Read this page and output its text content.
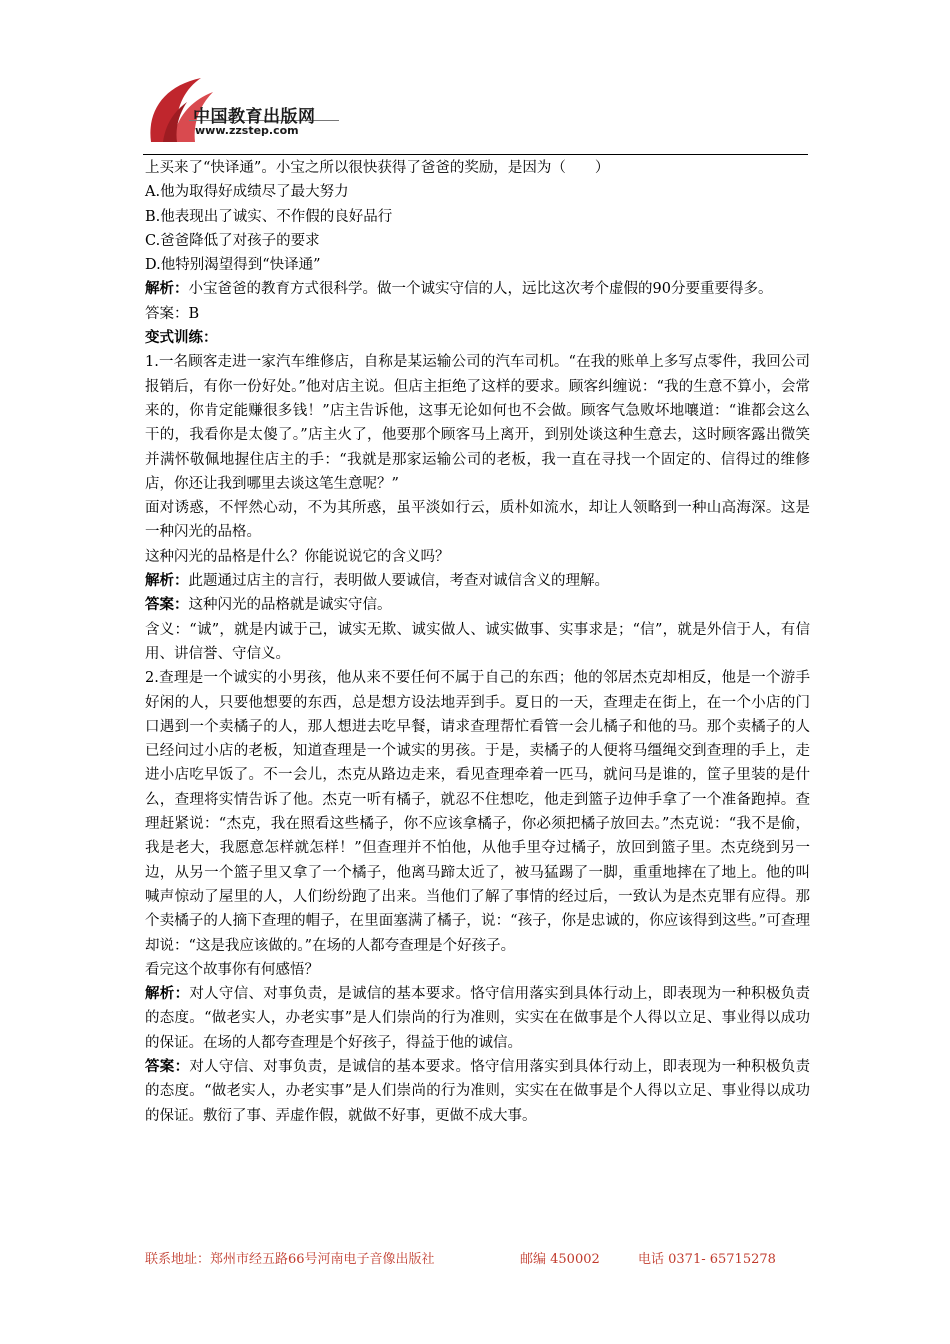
中国教育出版网
www.zzstep.com

上买来了“快译通”。小宝之所以很快获得了爸爸的奖励，是因为（　　）

A.他为取得好成绩尽了最大努力

B.他表现出了诚实、不作假的良好品行

C.爸爸降低了对孩子的要求

D.他特别渴望得到“快译通”

解析：小宝爸爸的教育方式很科学。做一个诚实守信的人，远比这次考个虚假的90分要重要得多。

答案：B

变式训练：

1.一名顾客走进一家汽车维修店，自称是某运输公司的汽车司机。“在我的账单上多写点零件，我回公司报销后，有你一份好处。”他对店主说。但店主拒绝了这样的要求。顾客纠缠说：“我的生意不算小，会常来的，你肯定能赚很多钱！”店主告诉他，这事无论如何也不会做。顾客气急败坏地嚷道：“谁都会这么干的，我看你是太傻了。”店主火了，他要那个顾客马上离开，到别处谈这种生意去，这时顾客露出微笑并满怀敬佩地握住店主的手：“我就是那家运输公司的老板，我一直在寻找一个固定的、信得过的维修店，你还让我到哪里去谈这笔生意呢？”

面对诱惑，不怦然心动，不为其所惑，虽平淡如行云，质朴如流水，却让人领略到一种山高海深。这是一种闪光的品格。

这种闪光的品格是什么？你能说说它的含义吗？

解析：此题通过店主的言行，表明做人要诚信，考查对诚信含义的理解。

答案：这种闪光的品格就是诚实守信。

含义：“诚”，就是内诚于己，诚实无欺、诚实做人、诚实做事、实事求是；“信”，就是外信于人，有信用、讲信誉、守信义。

2.查理是一个诚实的小男孩，他从来不要任何不属于自己的东西；他的邻居杰克却相反，他是一个游手好闲的人，只要他想要的东西，总是想方设法地弄到手。夏日的一天，查理走在街上，在一个小店的门口遇到一个卖橘子的人，那人想进去吃早餐，请求查理帮忙看管一会儿橘子和他的马。那个卖橘子的人已经问过小店的老板，知道查理是一个诚实的男孩。于是，卖橘子的人便将马缰绳交到查理的手上，走进小店吃早饭了。不一会儿，杰克从路边走来，看见查理牵着一匹马，就问马是谁的，筐子里装的是什么，查理将实情告诉了他。杰克一听有橘子，就忍不住想吃，他走到篮子边伸手拿了一个准备跑掉。查理赶紧说：“杰克，我在照看这些橘子，你不应该拿橘子，你必须把橘子放回去。”杰克说：“我不是偷，我是老大，我愿意怎样就怎样！”但查理并不怕他，从他手里夺过橘子，放回到篮子里。杰克绕到另一边，从另一个篮子里又拿了一个橘子，他离马蹄太近了，被马猛踢了一脚，重重地摔在了地上。他的叫喊声惊动了屋里的人，人们纷纷跑了出来。当他们了解了事情的经过后，一致认为是杰克罪有应得。那个卖橘子的人摘下查理的帽子，在里面塞满了橘子，说：“孩子，你是忠诚的，你应该得到这些。”可查理却说：“这是我应该做的。”在场的人都夸查理是个好孩子。

看完这个故事你有何感悟？

解析：对人守信、对事负责，是诚信的基本要求。恪守信用落实到具体行动上，即表现为一种积极负责的态度。“做老实人，办老实事”是人们崇尚的行为准则，实实在在做事是个人得以立足、事业得以成功的保证。在场的人都夸查理是个好孩子，得益于他的诚信。

答案：对人守信、对事负责，是诚信的基本要求。恪守信用落实到具体行动上，即表现为一种积极负责的态度。“做老实人，办老实事”是人们崇尚的行为准则，实实在在做事是个人得以立足、事业得以成功的保证。敷衍了事、弄虚作假，就做不好事，更做不成大事。

联系地址：郑州市经五路66号河南电子音像出版社	邮编 450002	电话 0371- 65715278
